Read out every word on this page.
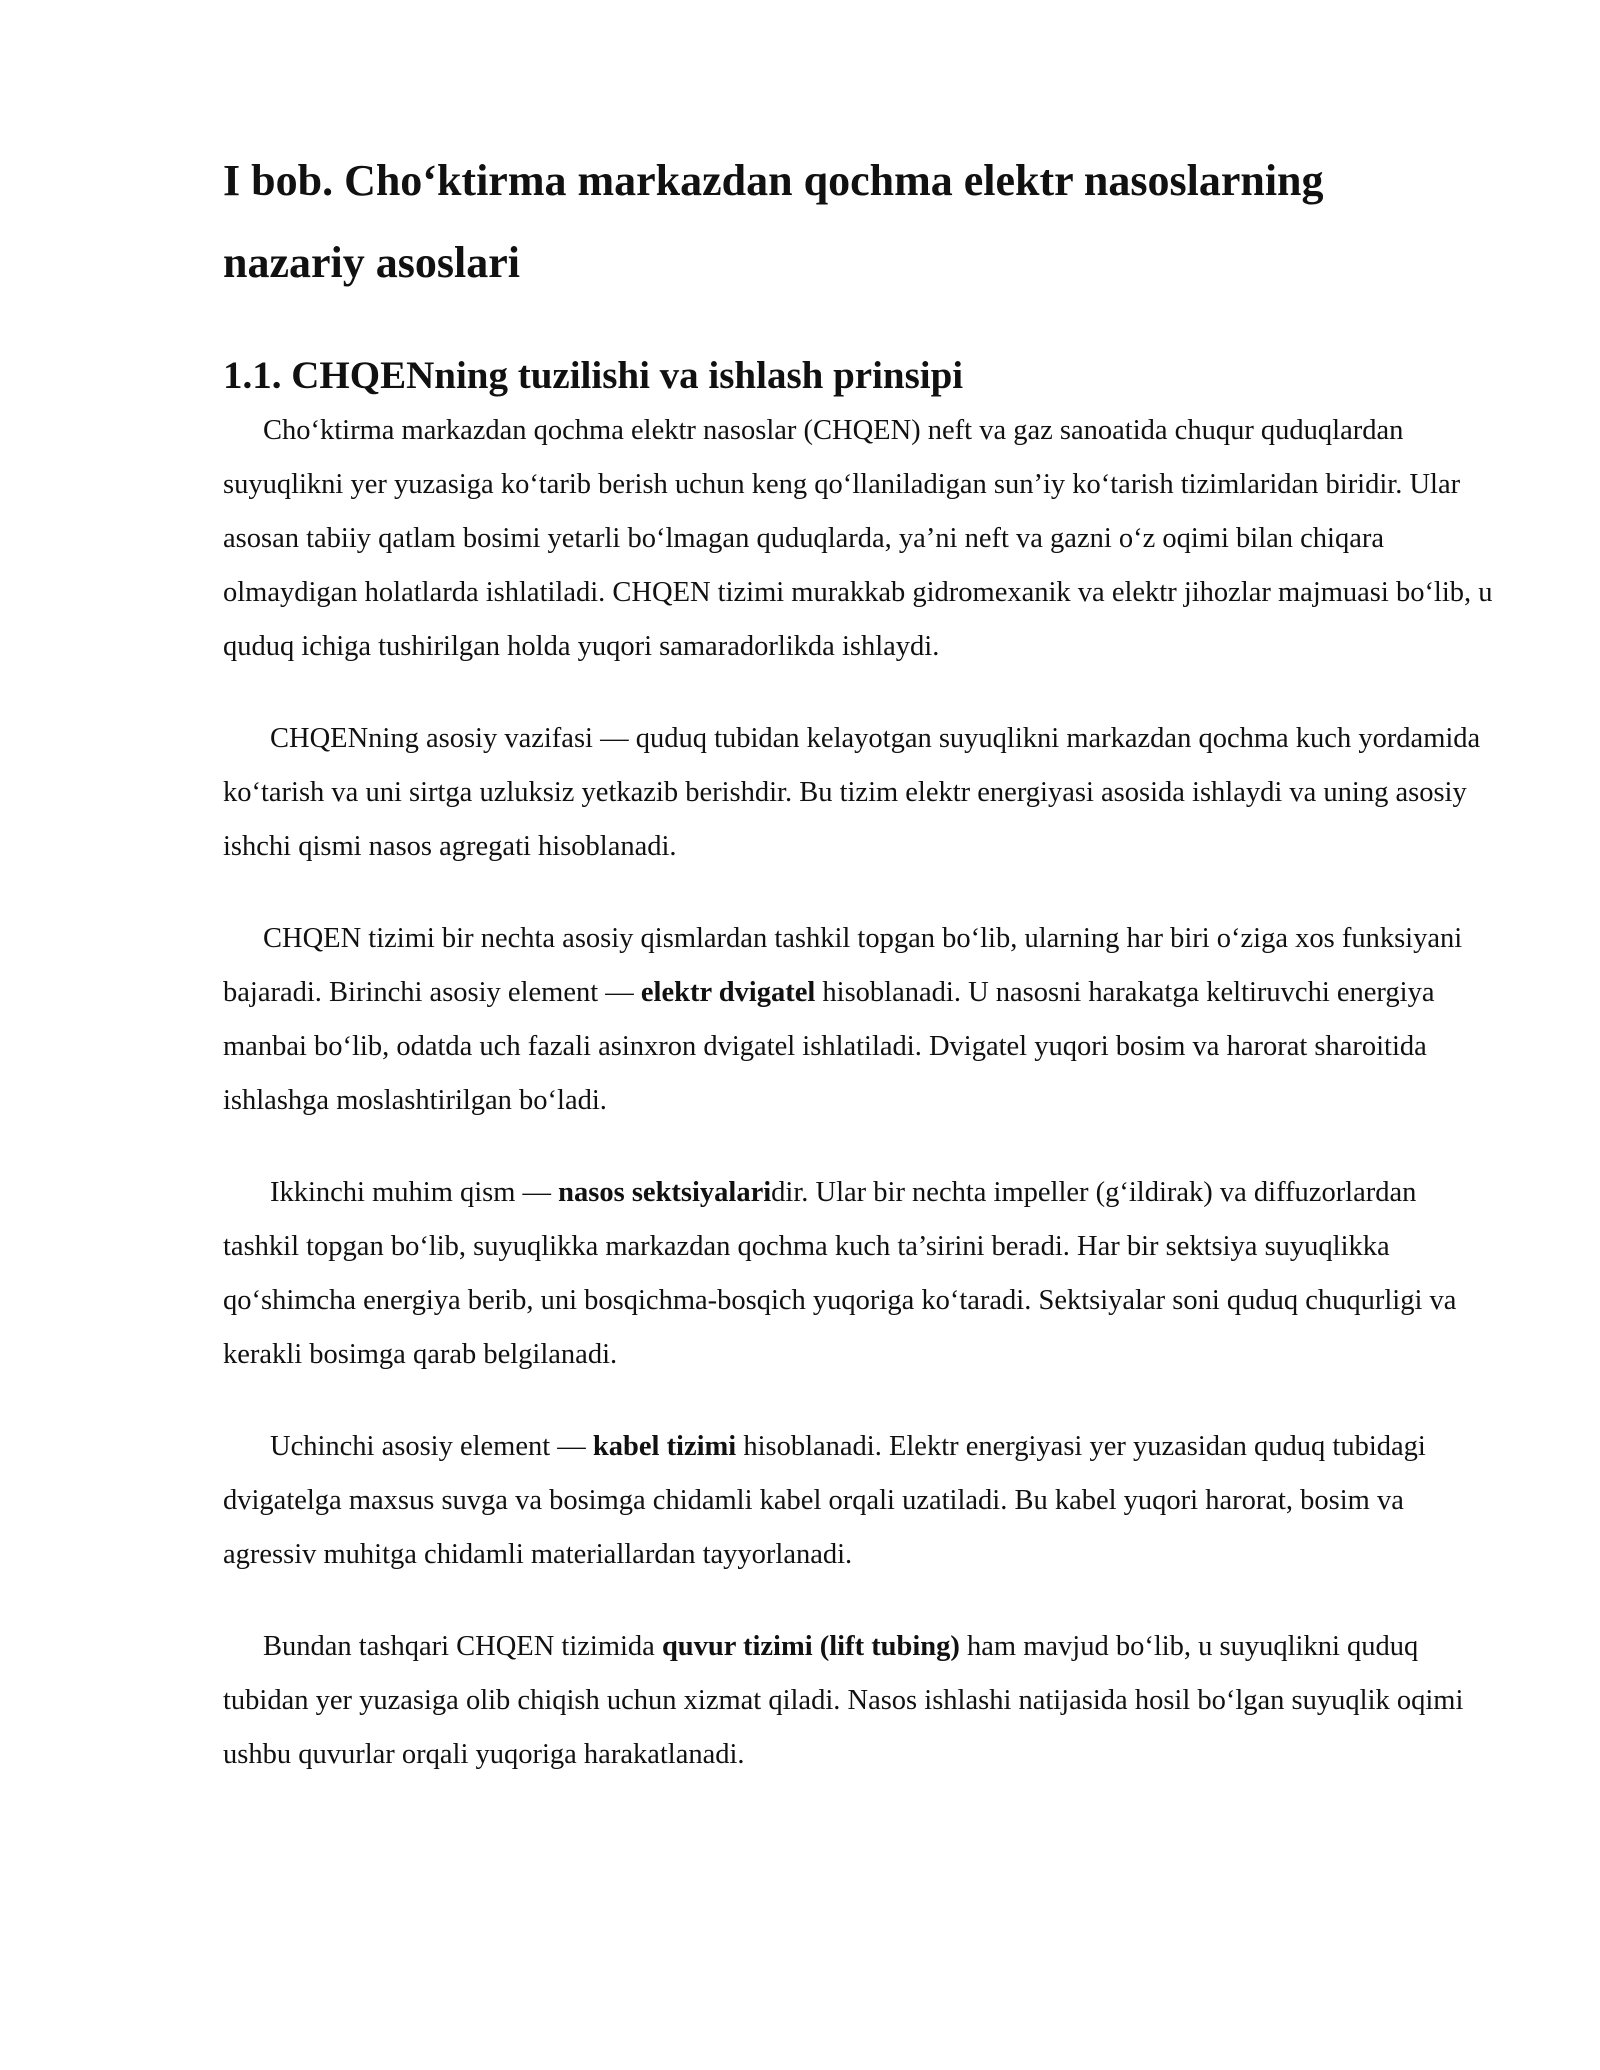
I bob. Cho‘ktirma markazdan qochma elektr nasoslarning
nazariy asoslari
1.1. CHQENning tuzilishi va ishlash prinsipi

Cho‘ktirma markazdan qochma elektr nasoslar (CHQEN) neft va gaz sanoatida chuqur quduqlardan suyuqlikni yer yuzasiga ko‘tarib berish uchun keng qo‘llaniladigan sun’iy ko‘tarish tizimlaridan biridir. Ular asosan tabiiy qatlam bosimi yetarli bo‘lmagan quduqlarda, ya’ni neft va gazni o‘z oqimi bilan chiqara olmaydigan holatlarda ishlatiladi. CHQEN tizimi murakkab gidromexanik va elektr jihozlar majmuasi bo‘lib, u quduq ichiga tushirilgan holda yuqori samaradorlikda ishlaydi.

CHQENning asosiy vazifasi — quduq tubidan kelayotgan suyuqlikni markazdan qochma kuch yordamida ko‘tarish va uni sirtga uzluksiz yetkazib berishdir. Bu tizim elektr energiyasi asosida ishlaydi va uning asosiy ishchi qismi nasos agregati hisoblanadi.

CHQEN tizimi bir nechta asosiy qismlardan tashkil topgan bo‘lib, ularning har biri o‘ziga xos funksiyani bajaradi. Birinchi asosiy element — elektr dvigatel hisoblanadi. U nasosni harakatga keltiruvchi energiya manbai bo‘lib, odatda uch fazali asinxron dvigatel ishlatiladi. Dvigatel yuqori bosim va harorat sharoitida ishlashga moslashtirilgan bo‘ladi.

Ikkinchi muhim qism — nasos sektsiyalaridir. Ular bir nechta impeller (g‘ildirak) va diffuzorlardan tashkil topgan bo‘lib, suyuqlikka markazdan qochma kuch ta’sirini beradi. Har bir sektsiya suyuqlikka qo‘shimcha energiya berib, uni bosqichma-bosqich yuqoriga ko‘taradi. Sektsiyalar soni quduq chuqurligi va kerakli bosimga qarab belgilanadi.

Uchinchi asosiy element — kabel tizimi hisoblanadi. Elektr energiyasi yer yuzasidan quduq tubidagi dvigatelga maxsus suvga va bosimga chidamli kabel orqali uzatiladi. Bu kabel yuqori harorat, bosim va agressiv muhitga chidamli materiallardan tayyorlanadi.

Bundan tashqari CHQEN tizimida quvur tizimi (lift tubing) ham mavjud bo‘lib, u suyuqlikni quduq tubidan yer yuzasiga olib chiqish uchun xizmat qiladi. Nasos ishlashi natijasida hosil bo‘lgan suyuqlik oqimi ushbu quvurlar orqali yuqoriga harakatlanadi.
